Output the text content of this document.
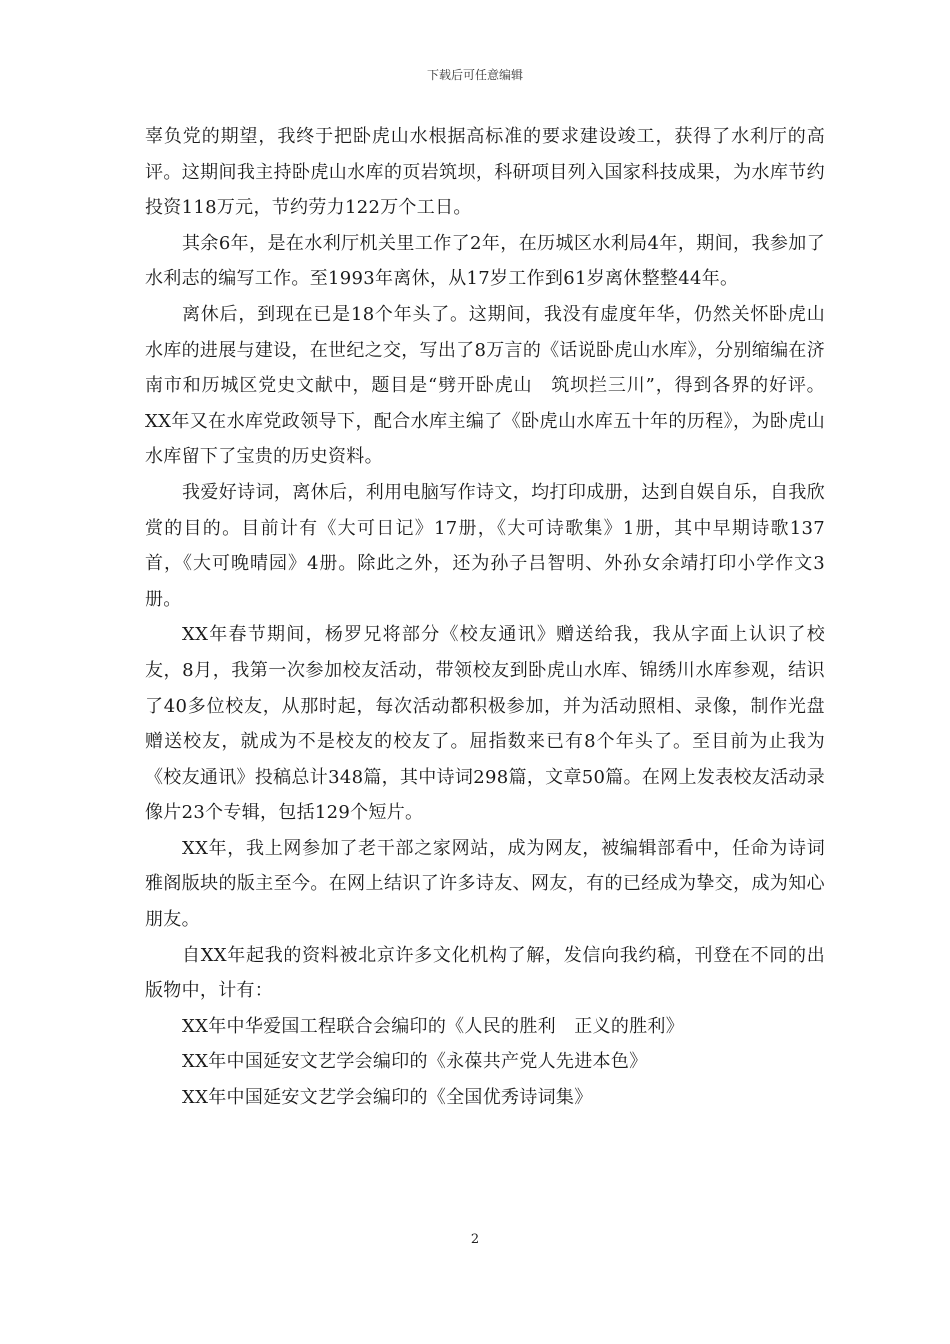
下载后可任意编辑

辜负党的期望，我终于把卧虎山水根据高标准的要求建设竣工，获得了水利厅的高评。这期间我主持卧虎山水库的页岩筑坝，科研项目列入国家科技成果，为水库节约投资118万元，节约劳力122万个工日。

其余6年，是在水利厅机关里工作了2年，在历城区水利局4年，期间，我参加了水利志的编写工作。至1993年离休，从17岁工作到61岁离休整整44年。

离休后，到现在已是18个年头了。这期间，我没有虚度年华，仍然关怀卧虎山水库的进展与建设，在世纪之交，写出了8万言的《话说卧虎山水库》，分别缩编在济南市和历城区党史文献中，题目是“劈开卧虎山　筑坝拦三川”，得到各界的好评。XX年又在水库党政领导下，配合水库主编了《卧虎山水库五十年的历程》，为卧虎山水库留下了宝贵的历史资料。

我爱好诗词，离休后，利用电脑写作诗文，均打印成册，达到自娱自乐，自我欣赏的目的。目前计有《大可日记》17册，《大可诗歌集》1册，其中早期诗歌137首，《大可晚晴园》4册。除此之外，还为孙子吕智明、外孙女余靖打印小学作文3册。

XX年春节期间，杨罗兄将部分《校友通讯》赠送给我，我从字面上认识了校友，8月，我第一次参加校友活动，带领校友到卧虎山水库、锦绣川水库参观，结识了40多位校友，从那时起，每次活动都积极参加，并为活动照相、录像，制作光盘赠送校友，就成为不是校友的校友了。屈指数来已有8个年头了。至目前为止我为《校友通讯》投稿总计348篇，其中诗词298篇，文章50篇。在网上发表校友活动录像片23个专辑，包括129个短片。

XX年，我上网参加了老干部之家网站，成为网友，被编辑部看中，任命为诗词雅阁版块的版主至今。在网上结识了许多诗友、网友，有的已经成为挚交，成为知心朋友。

自XX年起我的资料被北京许多文化机构了解，发信向我约稿，刊登在不同的出版物中，计有：

XX年中华爱国工程联合会编印的《人民的胜利　正义的胜利》

XX年中国延安文艺学会编印的《永葆共产党人先进本色》

XX年中国延安文艺学会编印的《全国优秀诗词集》

2
